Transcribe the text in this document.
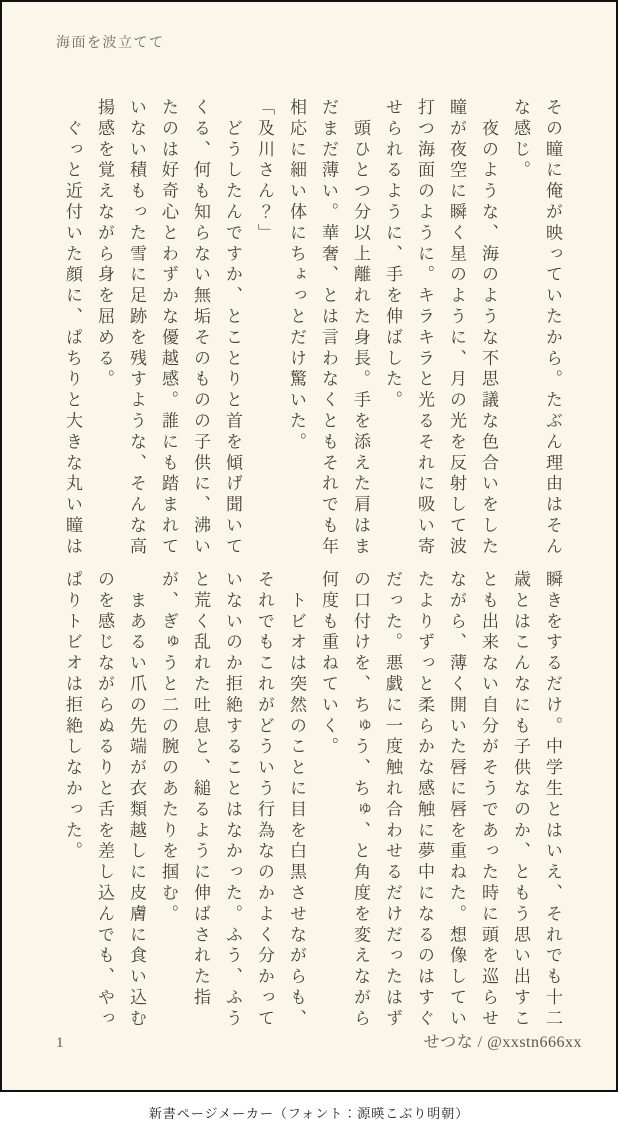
海面を波立てて

その瞳に俺が映っていたから。たぶん理由はそんな感じ。

　夜のような、海のような不思議な色合いをした瞳が夜空に瞬く星のように、月の光を反射して波打つ海面のように。キラキラと光るそれに吸い寄せられるように、手を伸ばした。

　頭ひとつ分以上離れた身長。手を添えた肩はまだまだ薄い。華奢、とは言わなくともそれでも年相応に細い体にちょっとだけ驚いた。

「及川さん？」

　どうしたんですか、とことりと首を傾げ聞いてくる、何も知らない無垢そのものの子供に、沸いたのは好奇心とわずかな優越感。誰にも踏まれていない積もった雪に足跡を残すような、そんな高揚感を覚えながら身を屈める。

　ぐっと近付いた顔に、ぱちりと大きな丸い瞳は

瞬きをするだけ。中学生とはいえ、それでも十二歳とはこんなにも子供なのか、ともう思い出すことも出来ない自分がそうであった時に頭を巡らせながら、薄く開いた唇に唇を重ねた。想像していたよりずっと柔らかな感触に夢中になるのはすぐだった。悪戯に一度触れ合わせるだけだったはずの口付けを、ちゅう、ちゅ、と角度を変えながら何度も重ねていく。

　トビオは突然のことに目を白黒させながらも、それでもこれがどういう行為なのかよく分かっていないのか拒絶することはなかった。ふう、ふうと荒く乱れた吐息と、縋るように伸ばされた指が、ぎゅうと二の腕のあたりを掴む。

　まあるい爪の先端が衣類越しに皮膚に食い込むのを感じながらぬるりと舌を差し込んでも、やっぱりトビオは拒絶しなかった。

1	せつな / @xxstn666xx
新書ページメーカー（フォント：源暎こぶり明朝）
